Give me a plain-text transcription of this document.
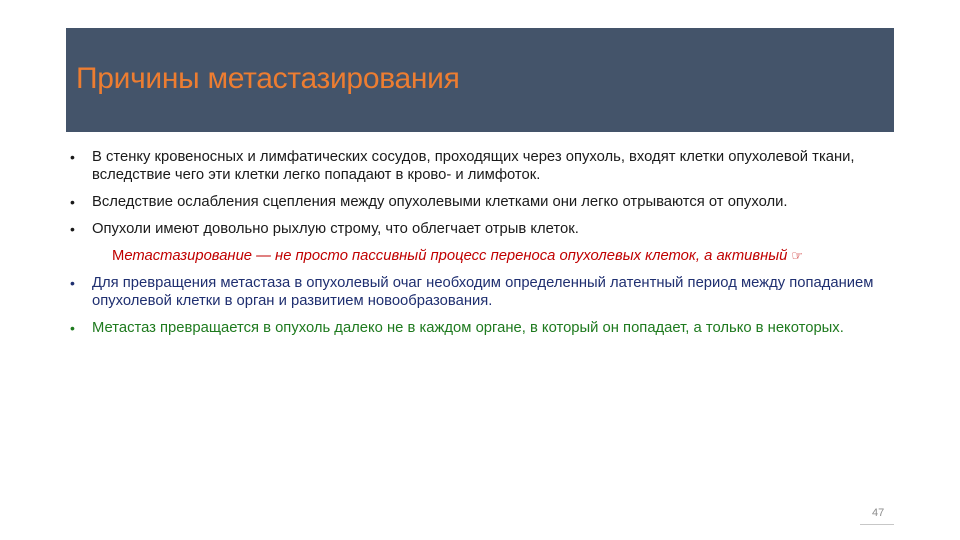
Причины метастазирования
• В стенку кровеносных и лимфатических сосудов, проходящих через опухоль, входят клетки опухолевой ткани, вследствие чего эти клетки легко попадают в крово- и лимфоток.
• Вследствие ослабления сцепления между опухолевыми клетками они легко отрываются от опухоли.
• Опухоли имеют довольно рыхлую строму, что облегчает отрыв клеток.
Метастазирование — не просто пассивный процесс переноса опухолевых клеток, а активный ☞
• Для превращения метастаза в опухолевый очаг необходим определенный латентный период между попаданием опухолевой клетки в орган и развитием новообразования.
• Метастаз превращается в опухоль далеко не в каждом органе, в который он попадает, а только в некоторых.
47
